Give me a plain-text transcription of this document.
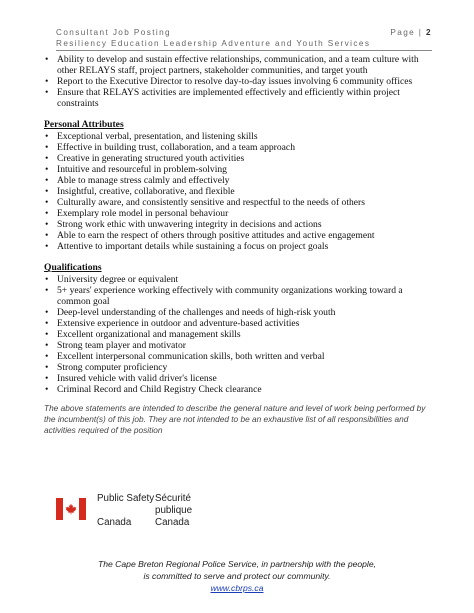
Consultant Job Posting	Page | 2
Resiliency Education Leadership Adventure and Youth Services
• Ability to develop and sustain effective relationships, communication, and a team culture with other RELAYS staff, project partners, stakeholder communities, and target youth
• Report to the Executive Director to resolve day-to-day issues involving 6 community offices
• Ensure that RELAYS activities are implemented effectively and efficiently within project constraints
Personal Attributes
• Exceptional verbal, presentation, and listening skills
• Effective in building trust, collaboration, and a team approach
• Creative in generating structured youth activities
• Intuitive and resourceful in problem-solving
• Able to manage stress calmly and effectively
• Insightful, creative, collaborative, and flexible
• Culturally aware, and consistently sensitive and respectful to the needs of others
• Exemplary role model in personal behaviour
• Strong work ethic with unwavering integrity in decisions and actions
• Able to earn the respect of others through positive attitudes and active engagement
• Attentive to important details while sustaining a focus on project goals
Qualifications
• University degree or equivalent
• 5+ years' experience working effectively with community organizations working toward a common goal
• Deep-level understanding of the challenges and needs of high-risk youth
• Extensive experience in outdoor and adventure-based activities
• Excellent organizational and management skills
• Strong team player and motivator
• Excellent interpersonal communication skills, both written and verbal
• Strong computer proficiency
• Insured vehicle with valid driver's license
• Criminal Record and Child Registry Check clearance
The above statements are intended to describe the general nature and level of work being performed by the incumbent(s) of this job. They are not intended to be an exhaustive list of all responsibilities and activities required of the position
Public Safety Sécurité publique
Canada	Canada
The Cape Breton Regional Police Service, in partnership with the people,
is committed to serve and protect our community.
www.cbrps.ca
